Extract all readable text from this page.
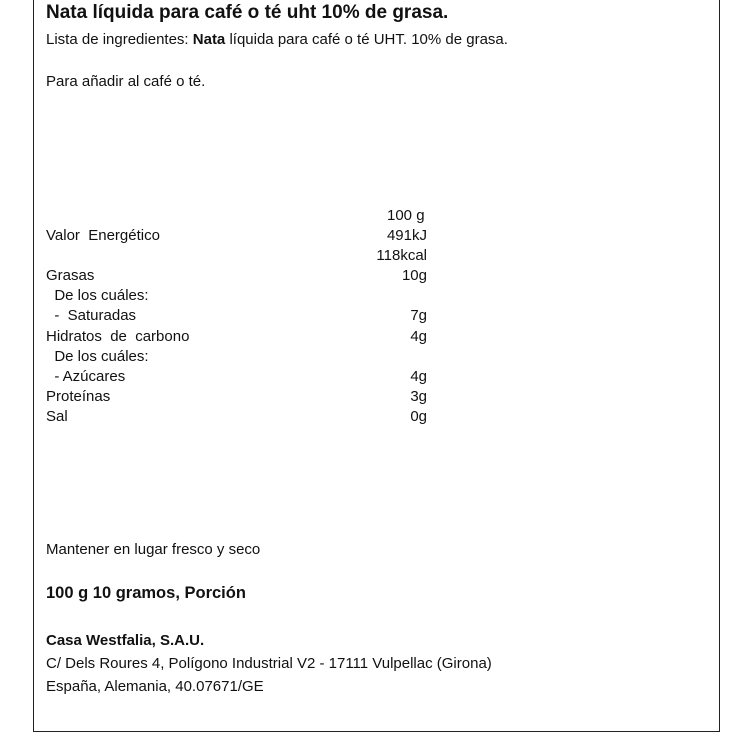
Nata líquida para café o té uht 10% de grasa.
Lista de ingredientes: Nata líquida para café o té UHT. 10% de grasa.
Para añadir al café o té.
100 g
Valor  Energético	491kJ
118kcal
Grasas	10g
De los cuáles:
-  Saturadas	7g
Hidratos  de  carbono	4g
De los cuáles:
- Azúcares	4g
Proteínas	3g
Sal	0g
Mantener en lugar fresco y seco
100 g 10 gramos, Porción
Casa Westfalia, S.A.U.
C/ Dels Roures 4, Polígono Industrial V2 - 17111 Vulpellac (Girona)
España, Alemania, 40.07671/GE
